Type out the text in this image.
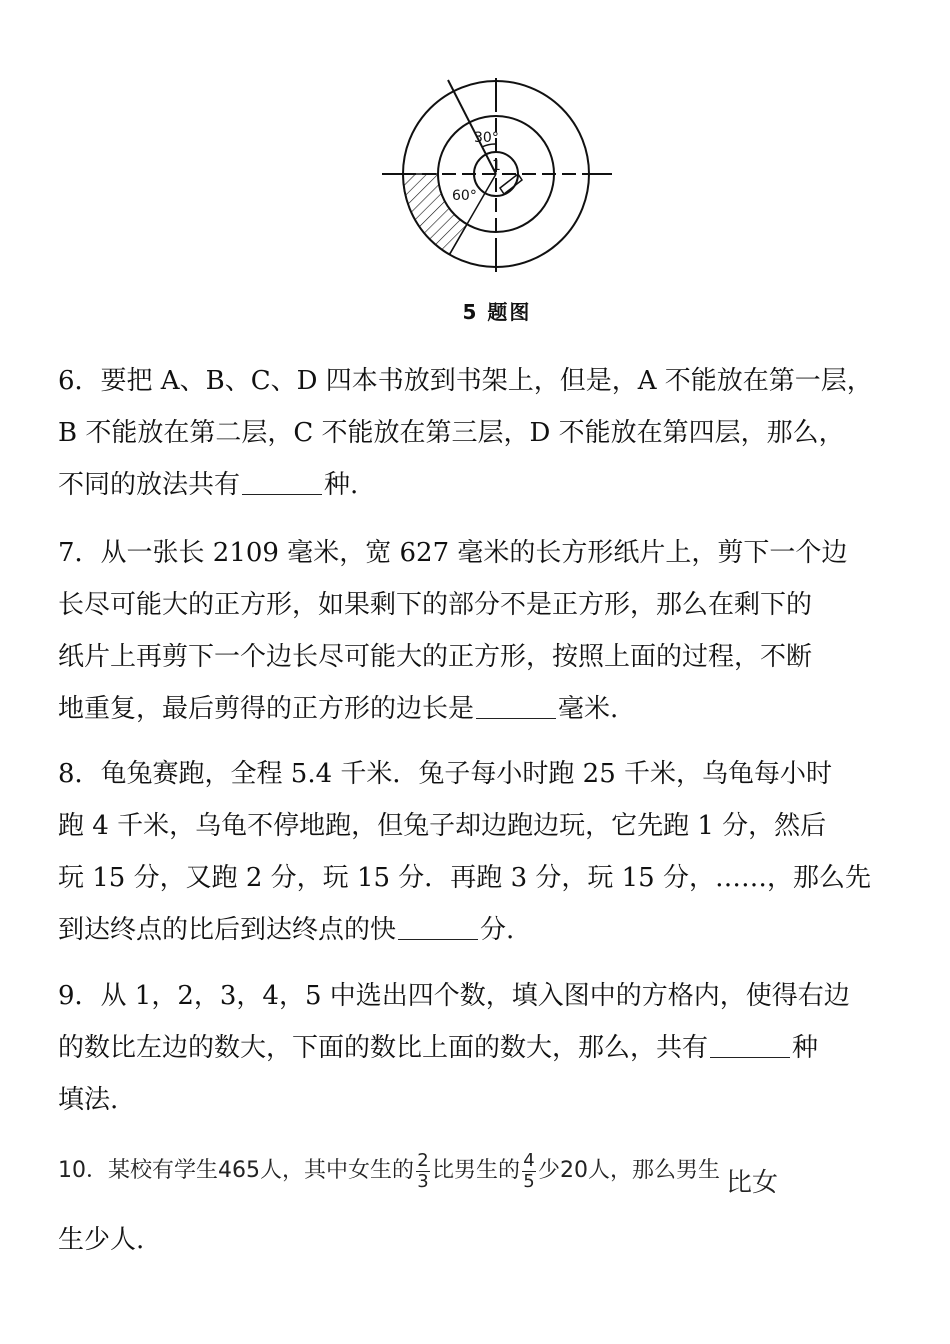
30°
1
60°
5 题图
6．要把 A、B、C、D 四本书放到书架上，但是，A 不能放在第一层，
B 不能放在第二层，C 不能放在第三层，D 不能放在第四层，那么，
不同的放法共有	种.
7．从一张长 2109 毫米，宽 627 毫米的长方形纸片上，剪下一个边
长尽可能大的正方形，如果剩下的部分不是正方形，那么在剩下的
纸片上再剪下一个边长尽可能大的正方形，按照上面的过程，不断
地重复，最后剪得的正方形的边长是	毫米.
8．龟兔赛跑，全程 5.4 千米．兔子每小时跑 25 千米，乌龟每小时
跑 4 千米，乌龟不停地跑，但兔子却边跑边玩，它先跑 1 分，然后
玩 15 分，又跑 2 分，玩 15 分．再跑 3 分，玩 15 分，……，那么先
到达终点的比后到达终点的快	分.
9．从 1，2，3，4，5 中选出四个数，填入图中的方格内，使得右边
的数比左边的数大，下面的数比上面的数大，那么，共有	种
填法.
10．某校有学生465人，其中女生的 $\frac{2}{3}$ 比男生的 $\frac{4}{5}$ 少20人，那么男生 比女
生少人.
